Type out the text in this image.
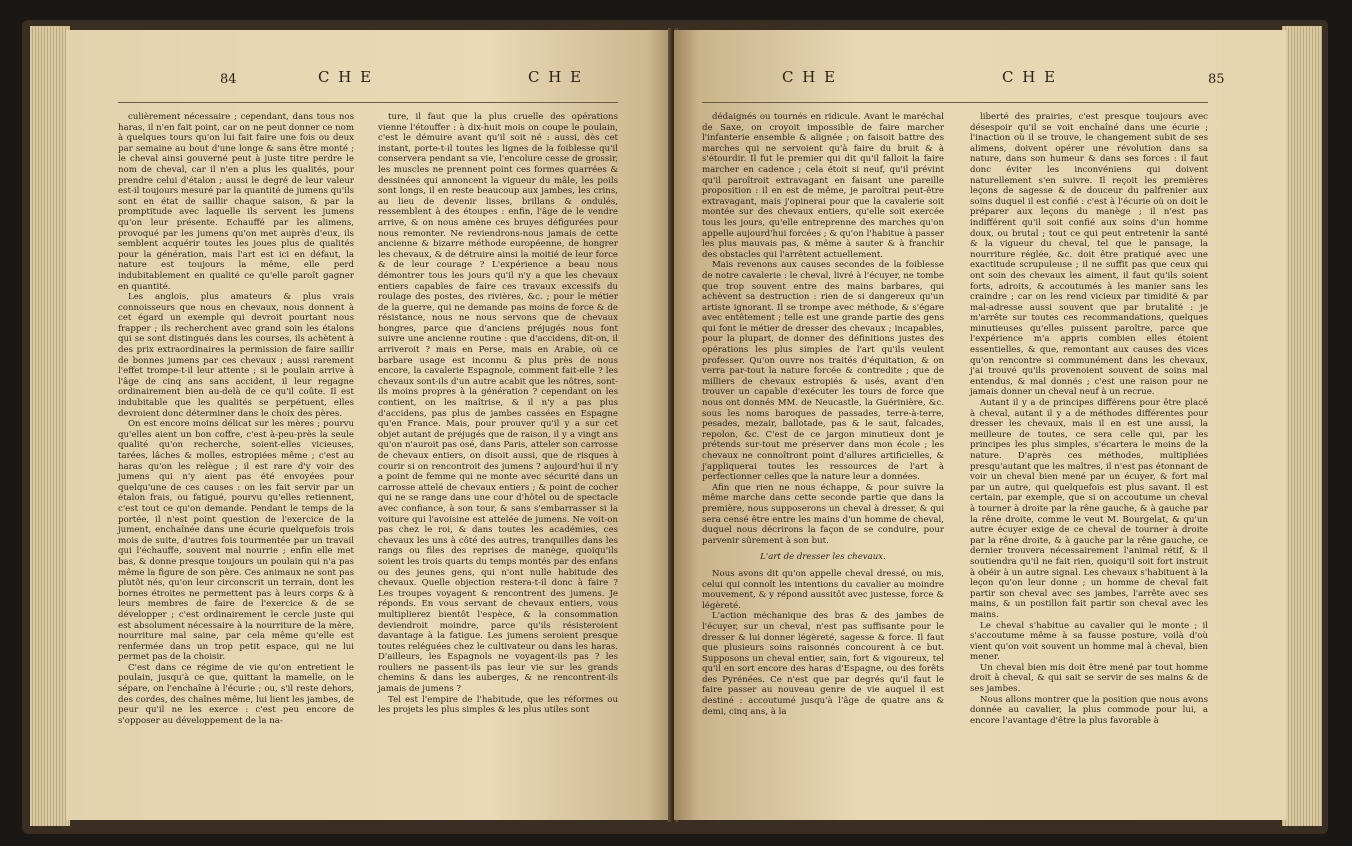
84	C H E	C H E

culièrement nécessaire ; cependant, dans tous nos haras, il n'en fait point, car on ne peut donner ce nom à quelques tours qu'on lui fait faire une fois ou deux par semaine au bout d'une longe & sans être monté ; le cheval ainsi gouverné peut à juste titre perdre le nom de cheval, car il n'en a plus les qualités, pour prendre celui d'étalon ; aussi le degré de leur valeur est-il toujours mesuré par la quantité de jumens qu'ils sont en état de saillir chaque saison, & par la promptitude avec laquelle ils servent les jumens qu'on leur présente. Echauffé par les alimens, provoqué par les jumens qu'on met auprès d'eux, ils semblent acquérir toutes les joues plus de qualités pour la génération, mais l'art est ici en défaut, la nature est toujours la même, elle perd indubitablement en qualité ce qu'elle paroît gagner en quantité.

Les anglois, plus amateurs & plus vrais connoisseurs que nous en chevaux, nous donnent à cet égard un exemple qui devroit pourtant nous frapper ; ils recherchent avec grand soin les étalons qui se sont distingués dans les courses, ils achètent à des prix extraordinaires la permission de faire saillir de bonnes jumens par ces chevaux ; aussi rarement l'effet trompe-t-il leur attente ; si le poulain arrive à l'âge de cinq ans sans accident, il leur regagne ordinairement bien au-delà de ce qu'il coûte. Il est indubitable que les qualités se perpétuent, elles devroient donc déterminer dans le choix des pères.

On est encore moins délicat sur les mères ; pourvu qu'elles aient un bon coffre, c'est à-peu-près la seule qualité qu'on recherche, soient-elles vicieuses, tarées, lâches & molles, estropiées même ; c'est au haras qu'on les relègue ; il est rare d'y voir des jumens qui n'y aient pas été envoyées pour quelqu'une de ces causes : on les fait servir par un étalon frais, ou fatigué, pourvu qu'elles retiennent, c'est tout ce qu'on demande. Pendant le temps de la portée, il n'est point question de l'exercice de la jument, enchaînée dans une écurie quelquefois trois mois de suite, d'autres fois tourmentée par un travail qui l'échauffe, souvent mal nourrie ; enfin elle met bas, & donne presque toujours un poulain qui n'a pas même la figure de son père. Ces animaux ne sont pas plutôt nés, qu'on leur circonscrit un terrain, dont les bornes étroites ne permettent pas à leurs corps & à leurs membres de faire de l'exercice & de se développer ; c'est ordinairement le cercle juste qui est absolument nécessaire à la nourriture de la mère, nourriture mal saine, par cela même qu'elle est renfermée dans un trop petit espace, qui ne lui permet pas de la choisir.

C'est dans ce régime de vie qu'on entretient le poulain, jusqu'à ce que, quittant la mamelle, on le sépare, on l'enchaîne à l'écurie ; ou, s'il reste dehors, des cordes, des chaînes même, lui lient les jambes, de peur qu'il ne les exerce : c'est peu encore de s'opposer au développement de la na-

ture, il faut que la plus cruelle des opérations vienne l'étouffer : à dix-huit mois on coupe le poulain, c'est le démuire avant qu'il soit né : aussi, dès cet instant, porte-t-il toutes les lignes de la foiblesse qu'il conservera pendant sa vie, l'encolure cesse de grossir, les muscles ne prennent point ces formes quarrées & dessinées qui annoncent la vigueur du mâle, les poils sont longs, il en reste beaucoup aux jambes, les crins, au lieu de devenir lisses, brillans & ondulés, ressemblent à des étoupes : enfin, l'âge de le vendre arrive, & on nous amène ces bruyes défigurées pour nous remonter. Ne reviendrons-nous jamais de cette ancienne & bizarre méthode européenne, de hongrer les chevaux, & de détruire ainsi la moitié de leur force & de leur courage ? L'expérience a beau nous démontrer tous les jours qu'il n'y a que les chevaux entiers capables de faire ces travaux excessifs du roulage des postes, des rivières, &c. ; pour le métier de la guerre, qui ne demande pas moins de force & de résistance, nous ne nous servons que de chevaux hongres, parce que d'anciens préjugés nous font suivre une ancienne routine : que d'accidens, dit-on, il arriveroit ? mais en Perse, mais en Arabie, où ce barbare usage est inconnu & plus près de nous encore, la cavalerie Espagnole, comment fait-elle ? les chevaux sont-ils d'un autre acabit que les nôtres, sont-ils moins propres à la génération ? cependant on les contient, on les maîtrise, & il n'y a pas plus d'accidens, pas plus de jambes cassées en Espagne qu'en France. Mais, pour prouver qu'il y a sur cet objet autant de préjugés que de raison, il y a vingt ans qu'on n'auroit pas osé, dans Paris, atteler son carrosse de chevaux entiers, on disoit aussi, que de risques à courir si on rencontroit des jumens ? aujourd'hui il n'y a point de femme qui ne monte avec sécurité dans un carrosse attelé de chevaux entiers ; & point de cocher qui ne se range dans une cour d'hôtel ou de spectacle avec confiance, à son tour, & sans s'embarrasser si la voiture qui l'avoisine est attelée de jumens. Ne voit-on pas chez le roi, & dans toutes les académies, ces chevaux les uns à côté des autres, tranquilles dans les rangs ou files des reprises de manège, quoiqu'ils soient les trois quarts du temps montés par des enfans ou des jeunes gens, qui n'ont nulle habitude des chevaux. Quelle objection restera-t-il donc à faire ? Les troupes voyagent & rencontrent des jumens. Je réponds. En vous servant de chevaux entiers, vous multiplierez bientôt l'espèce, & la consommation deviendroit moindre, parce qu'ils résisteroient davantage à la fatigue. Les jumens seroient presque toutes reléguées chez le cultivateur ou dans les haras. D'ailleurs, les Espagnols ne voyagent-ils pas ? les rouliers ne passent-ils pas leur vie sur les grands chemins & dans les auberges, & ne rencontrent-ils jamais de jumens ?

Tel est l'empire de l'habitude, que les réformes ou les projets les plus simples & les plus utiles sont

C H E	C H E	85

dédaignés ou tournés en ridicule. Avant le maréchal de Saxe, on croyoit impossible de faire marcher l'infanterie ensemble & alignée ; on faisoit battre des marches qui ne servoient qu'à faire du bruit & à s'étourdir. Il fut le premier qui dit qu'il falloit la faire marcher en cadence ; cela étoit si neuf, qu'il prévint qu'il paroîtroit extravagant en faisant une pareille proposition : il en est de même, je paroîtrai peut-être extravagant, mais j'opinerai pour que la cavalerie soit montée sur des chevaux entiers, qu'elle soit exercée tous les jours, qu'elle entreprenne des marches qu'on appelle aujourd'hui forcées ; & qu'on l'habitue à passer les plus mauvais pas, & même à sauter & à franchir des obstacles qui l'arrêtent actuellement.

Mais revenons aux causes secondes de la foiblesse de notre cavalerie : le cheval, livré à l'écuyer, ne tombe que trop souvent entre des mains barbares, qui achèvent sa destruction : rien de si dangereux qu'un artiste ignorant. Il se trompe avec méthode, & s'égare avec entêtement ; telle est une grande partie des gens qui font le métier de dresser des chevaux ; incapables, pour la plupart, de donner des définitions justes des opérations les plus simples de l'art qu'ils veulent professer. Qu'on ouvre nos traités d'équitation, & on verra par-tout la nature forcée & contredite ; que de milliers de chevaux estropiés & usés, avant d'en trouver un capable d'exécuter les tours de force que nous ont donnés MM. de Neucastle, la Guérinière, &c. sous les noms baroques de passades, terre-à-terre, pesades, mezair, ballotade, pas & le saut, falcades, repolon, &c. C'est de ce jargon minutieux dont je prétends sur-tout me préserver dans mon école ; les chevaux ne connoîtront point d'allures artificielles, & j'appliquerai toutes les ressources de l'art à perfectionner celles que la nature leur a données.

Afin que rien ne nous échappe, & pour suivre la même marche dans cette seconde partie que dans la première, nous supposerons un cheval à dresser, & qui sera censé être entre les mains d'un homme de cheval, duquel nous décrirons la façon de se conduire, pour parvenir sûrement à son but.

L'art de dresser les chevaux.

Nous avons dit qu'on appelle cheval dressé, ou mis, celui qui connoît les intentions du cavalier au moindre mouvement, & y répond aussitôt avec justesse, force & légèreté.

L'action méchanique des bras & des jambes de l'écuyer, sur un cheval, n'est pas suffisante pour le dresser & lui donner légèreté, sagesse & force. Il faut que plusieurs soins raisonnés concourent à ce but. Supposons un cheval entier, sain, fort & vigoureux, tel qu'il en sort encore des haras d'Espagne, ou des forêts des Pyrénées. Ce n'est que par degrés qu'il faut le faire passer au nouveau genre de vie auquel il est destiné : accoutumé jusqu'à l'âge de quatre ans & demi, cinq ans, à la

liberté des prairies, c'est presque toujours avec désespoir qu'il se voit enchaîné dans une écurie ; l'inaction où il se trouve, le changement subit de ses alimens, doivent opérer une révolution dans sa nature, dans son humeur & dans ses forces : il faut donc éviter les inconvéniens qui doivent naturellement s'en suivre. Il reçoit les premières leçons de sagesse & de douceur du palfrenier aux soins duquel il est confié : c'est à l'écurie où on doit le préparer aux leçons du manège ; il n'est pas indifférent qu'il soit confié aux soins d'un homme doux, ou brutal ; tout ce qui peut entretenir la santé & la vigueur du cheval, tel que le pansage, la nourriture réglée, &c. doit être pratiqué avec une exactitude scrupuleuse ; il ne suffit pas que ceux qui ont soin des chevaux les aiment, il faut qu'ils soient forts, adroits, & accoutumés à les manier sans les craindre ; car on les rend vicieux par timidité & par mal-adresse aussi souvent que par brutalité : je m'arrête sur toutes ces recommandations, quelques minutieuses qu'elles puissent paroître, parce que l'expérience m'a appris combien elles étoient essentielles, & que, remontant aux causes des vices qu'on rencontre si communément dans les chevaux, j'ai trouvé qu'ils provenoient souvent de soins mal entendus, & mal donnés ; c'est une raison pour ne jamais donner un cheval neuf à un recrue.

Autant il y a de principes différens pour être placé à cheval, autant il y a de méthodes différentes pour dresser les chevaux, mais il en est une aussi, la meilleure de toutes, ce sera celle qui, par les principes les plus simples, s'écartera le moins de la nature. D'après ces méthodes, multipliées presqu'autant que les maîtres, il n'est pas étonnant de voir un cheval bien mené par un écuyer, & fort mal par un autre, qui quelquefois est plus savant. Il est certain, par exemple, que si on accoutume un cheval à tourner à droite par la rêne gauche, & à gauche par la rêne droite, comme le veut M. Bourgelat, & qu'un autre écuyer exige de ce cheval de tourner à droite par la rêne droite, & à gauche par la rêne gauche, ce dernier trouvera nécessairement l'animal rétif, & il soutiendra qu'il ne fait rien, quoiqu'il soit fort instruit à obéir à un autre signal. Les chevaux s'habituent à la leçon qu'on leur donne ; un homme de cheval fait partir son cheval avec ses jambes, l'arrête avec ses mains, & un postillon fait partir son cheval avec les mains.

Le cheval s'habitue au cavalier qui le monte ; il s'accoutume même à sa fausse posture, voilà d'où vient qu'on voit souvent un homme mal à cheval, bien mener.

Un cheval bien mis doit être mené par tout homme droit à cheval, & qui sait se servir de ses mains & de ses jambes.

Nous allons montrer que la position que nous avons donnée au cavalier, la plus commode pour lui, a encore l'avantage d'être la plus favorable à
